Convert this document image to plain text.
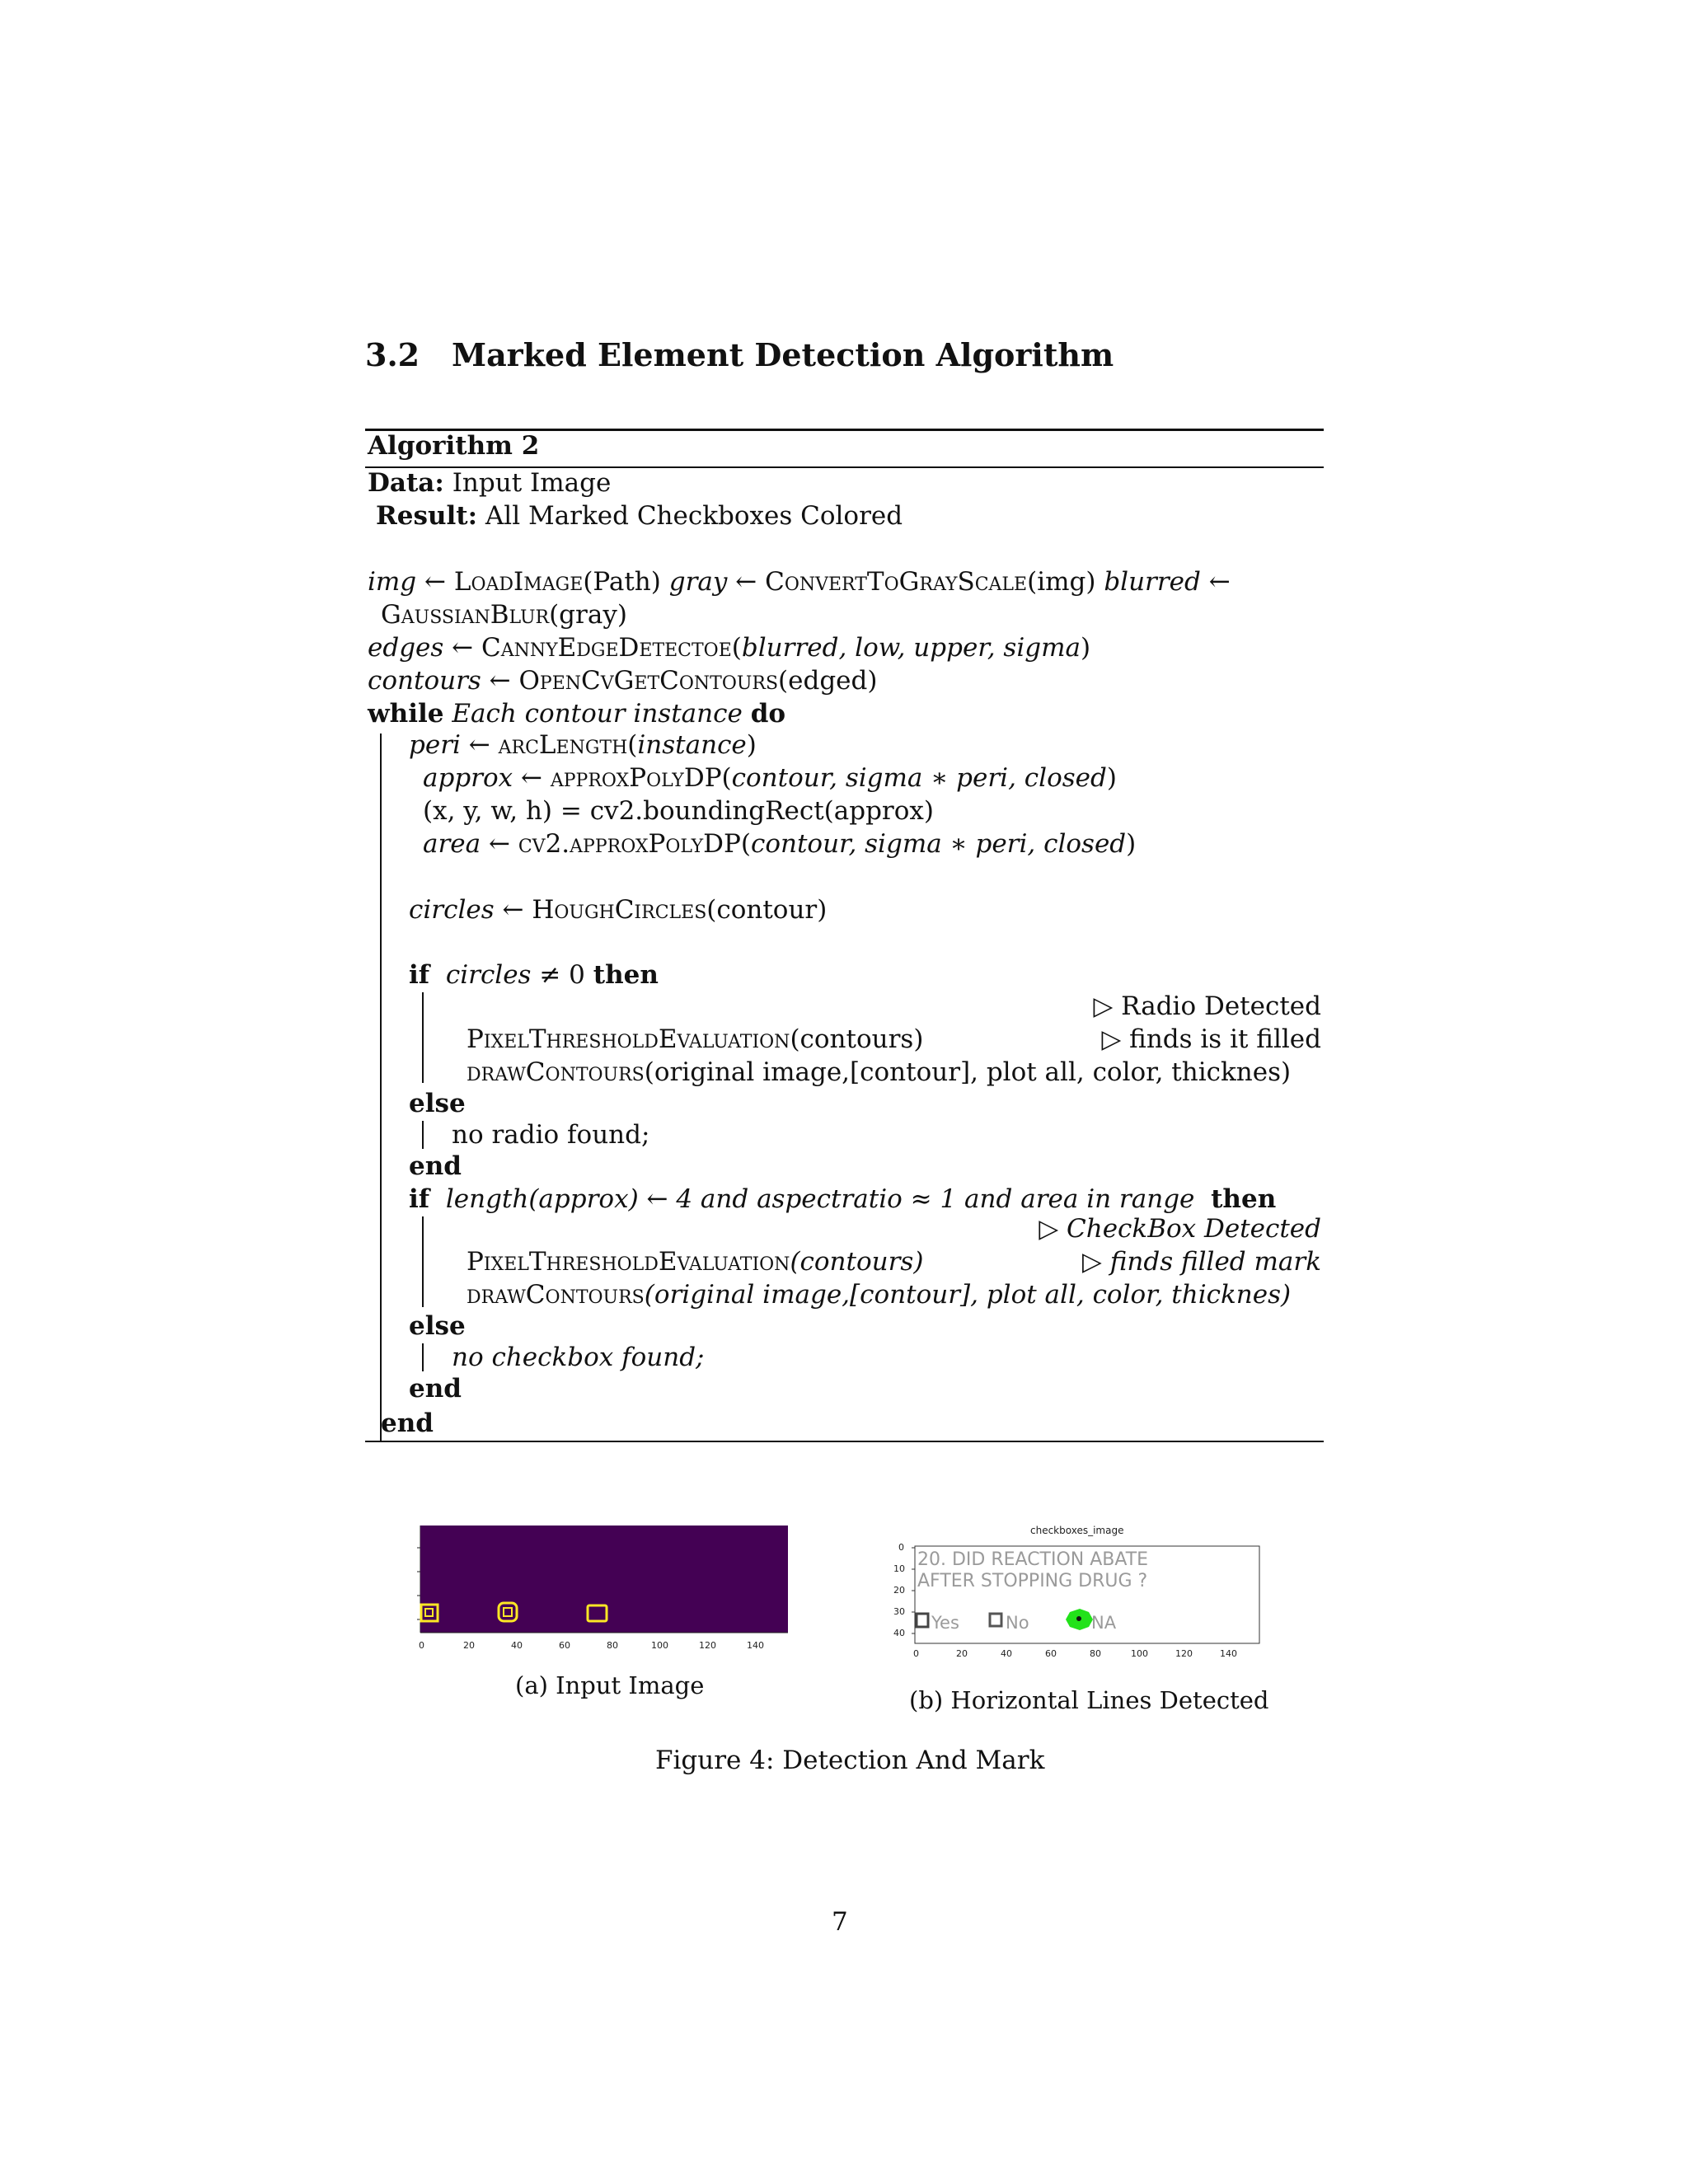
3.2 Marked Element Detection Algorithm
Algorithm 2
Data: Input Image
Result: All Marked Checkboxes Colored
img ← LoadImage(Path) gray ← ConvertToGrayScale(img) blurred ←
GaussianBlur(gray)
edges ← CannyEdgeDetectoe(blurred, low, upper, sigma)
contours ← OpenCvGetContours(edged)
while Each contour instance do
peri ← arcLength(instance)
approx ← approxPolyDP(contour, sigma ∗ peri, closed)
(x, y, w, h) = cv2.boundingRect(approx)
area ← cv2.approxPolyDP(contour, sigma ∗ peri, closed)
circles ← HoughCircles(contour)
if circles ≠ 0 then
▷ Radio Detected
PixelThresholdEvaluation(contours)	▷ finds is it filled
drawContours(original image,[contour], plot all, color, thicknes)
else
no radio found;
end
if length(approx) ← 4 and aspectratio ≈ 1 and area in range then
▷ CheckBox Detected
PixelThresholdEvaluation(contours)	▷ finds filled mark
drawContours(original image,[contour], plot all, color, thicknes)
else
no checkbox found;
end
end
0	20	40	60	80	100	120	140
(a) Input Image
checkboxes_image
20. DID REACTION ABATE
AFTER STOPPING DRUG ?
Yes	No	NA
0
10
20
30
40
0	20	40	60	80	100	120	140
(b) Horizontal Lines Detected
Figure 4: Detection And Mark
7
